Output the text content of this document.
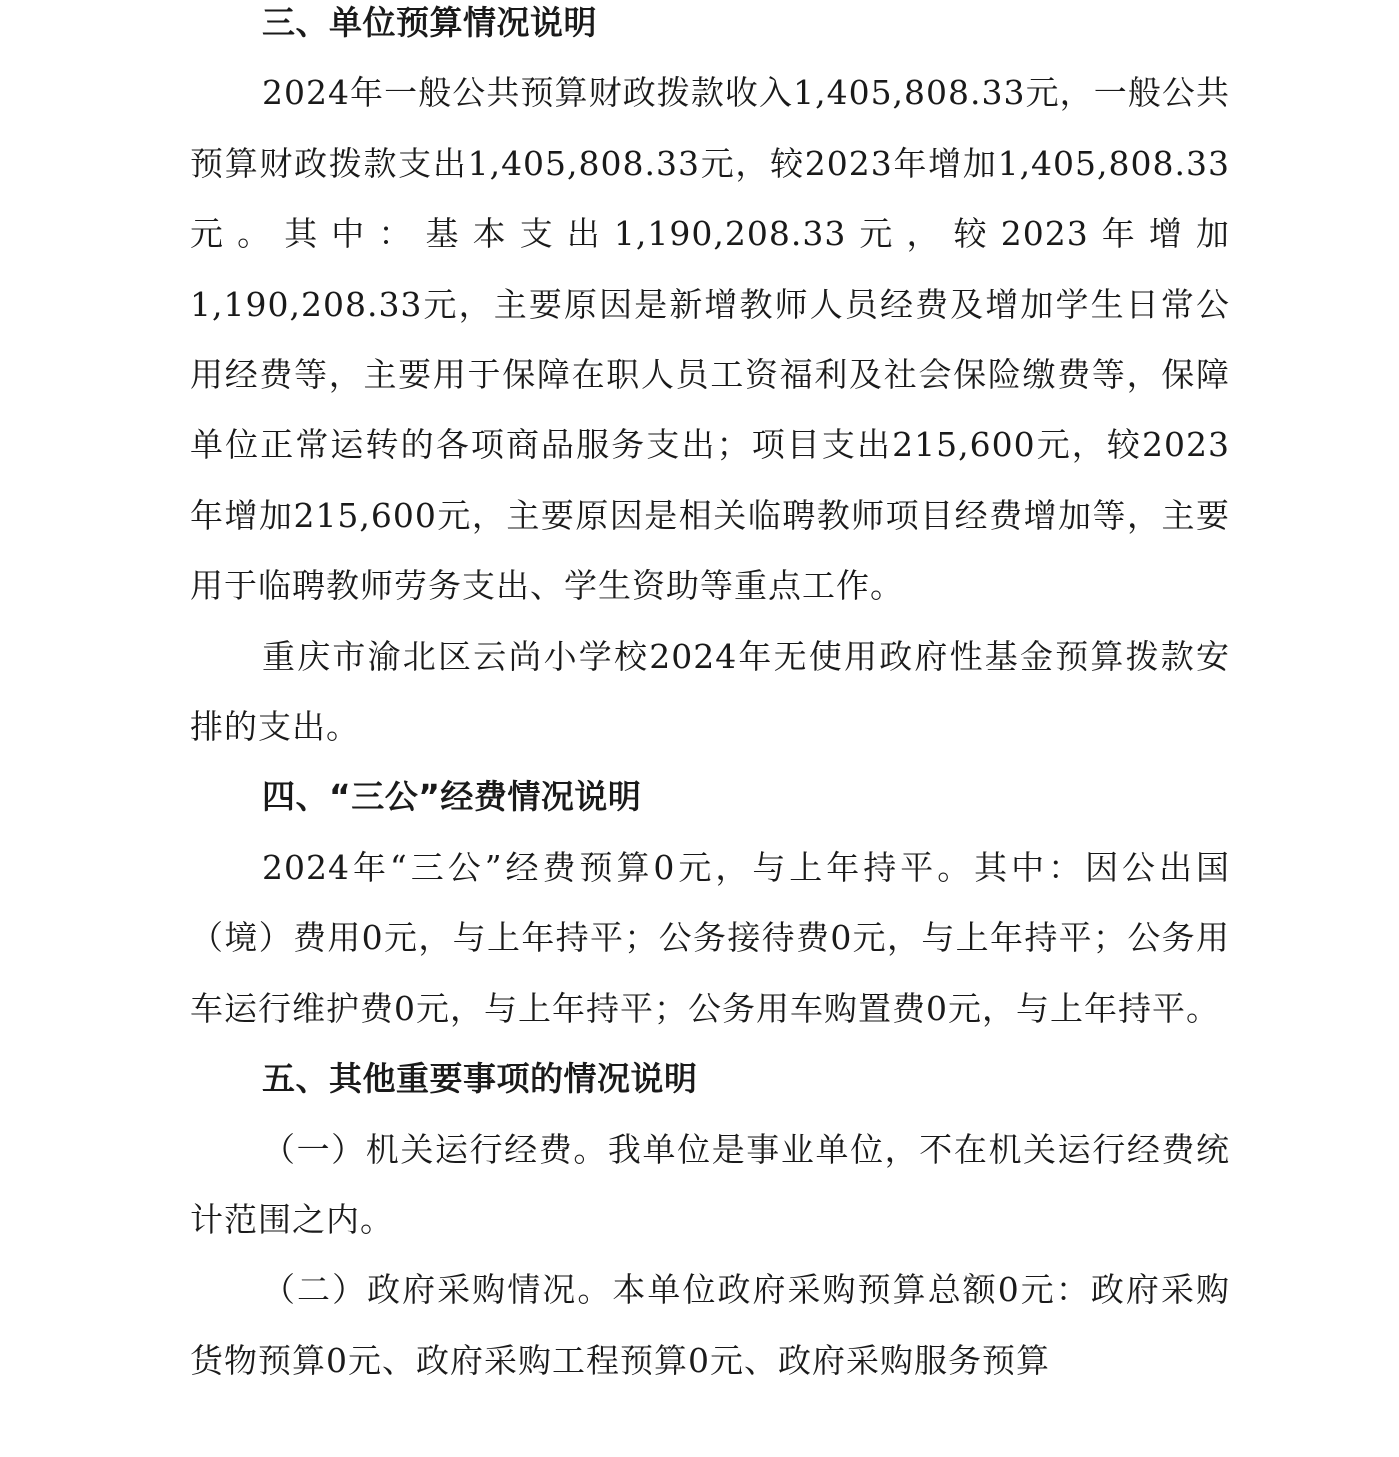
三、单位预算情况说明

2024年一般公共预算财政拨款收入1,405,808.33元，一般公共预算财政拨款支出1,405,808.33元，较2023年增加1,405,808.33元。其中：基本支出1,190,208.33元，较2023年增加1,190,208.33元，主要原因是新增教师人员经费及增加学生日常公用经费等，主要用于保障在职人员工资福利及社会保险缴费等，保障单位正常运转的各项商品服务支出；项目支出215,600元，较2023年增加215,600元，主要原因是相关临聘教师项目经费增加等，主要用于临聘教师劳务支出、学生资助等重点工作。

重庆市渝北区云尚小学校2024年无使用政府性基金预算拨款安排的支出。

四、“三公”经费情况说明

2024年“三公”经费预算0元，与上年持平。其中：因公出国（境）费用0元，与上年持平；公务接待费0元，与上年持平；公务用车运行维护费0元，与上年持平；公务用车购置费0元，与上年持平。

五、其他重要事项的情况说明

（一）机关运行经费。我单位是事业单位，不在机关运行经费统计范围之内。

（二）政府采购情况。本单位政府采购预算总额0元：政府采购货物预算0元、政府采购工程预算0元、政府采购服务预算
